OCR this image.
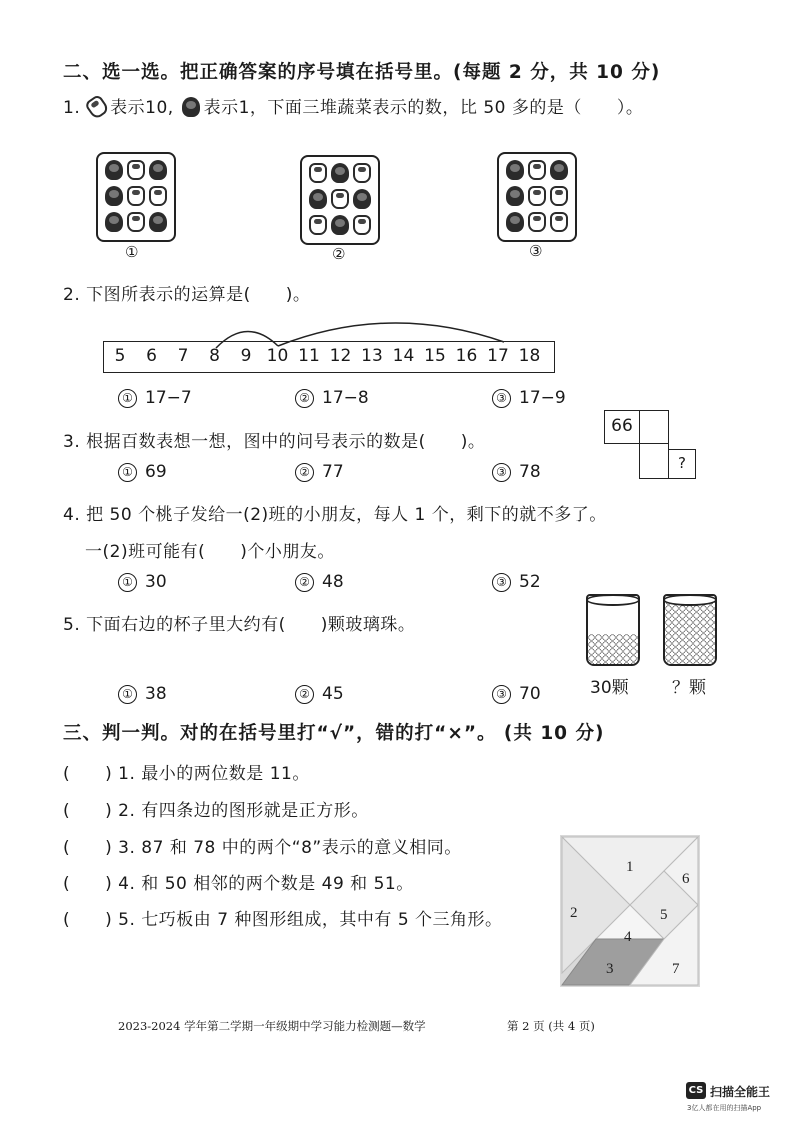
二、选一选。把正确答案的序号填在括号里。(每题 2 分，共 10 分)
1. 表示10, 表示1，下面三堆蔬菜表示的数，比 50 多的是（　　）。
①	②	③
2. 下图所表示的运算是(　　)。
5 6 7 8 9 10 11 12 13 14 15 16 17 18
① 17−7	② 17−8	③ 17−9
3. 根据百数表想一想，图中的问号表示的数是(　　)。
66
?
① 69	② 77	③ 78
4. 把 50 个桃子发给一(2)班的小朋友，每人 1 个，剩下的就不多了。
一(2)班可能有(　　)个小朋友。
① 30	② 48	③ 52
5. 下面右边的杯子里大约有(　　)颗玻璃珠。
30颗	？颗
① 38	② 45	③ 70
三、判一判。对的在括号里打“√”，错的打“×”。 (共 10 分)
(　　) 1. 最小的两位数是 11。
(　　) 2. 有四条边的图形就是正方形。
(　　) 3. 87 和 78 中的两个“8”表示的意义相同。
(　　) 4. 和 50 相邻的两个数是 49 和 51。
(　　) 5. 七巧板由 7 种图形组成，其中有 5 个三角形。
1
2
3
4
5
6
7
2023-2024 学年第二学期一年级期中学习能力检测题—数学	第 2 页 (共 4 页)
CS 扫描全能王
3亿人都在用的扫描App
